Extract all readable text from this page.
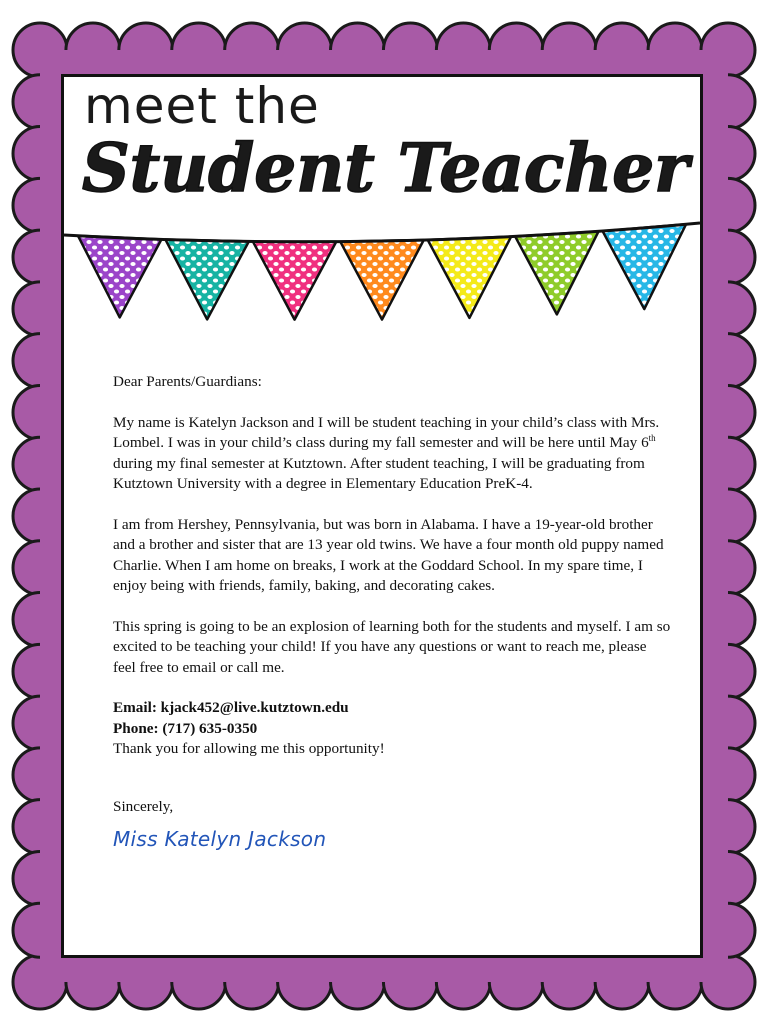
meet the
Student Teacher

Dear Parents/Guardians:

My name is Katelyn Jackson and I will be student teaching in your child’s class with Mrs. Lombel. I was in your child’s class during my fall semester and will be here until May 6th during my final semester at Kutztown. After student teaching, I will be graduating from Kutztown University with a degree in Elementary Education PreK-4.

I am from Hershey, Pennsylvania, but was born in Alabama. I have a 19-year-old brother and a brother and sister that are 13 year old twins. We have a four month old puppy named Charlie. When I am home on breaks, I work at the Goddard School. In my spare time, I enjoy being with friends, family, baking, and decorating cakes.

This spring is going to be an explosion of learning both for the students and myself. I am so excited to be teaching your child! If you have any questions or want to reach me, please feel free to email or call me.

Email: kjack452@live.kutztown.edu

Phone: (717) 635-0350

Thank you for allowing me this opportunity!

Sincerely,

Miss Katelyn Jackson
